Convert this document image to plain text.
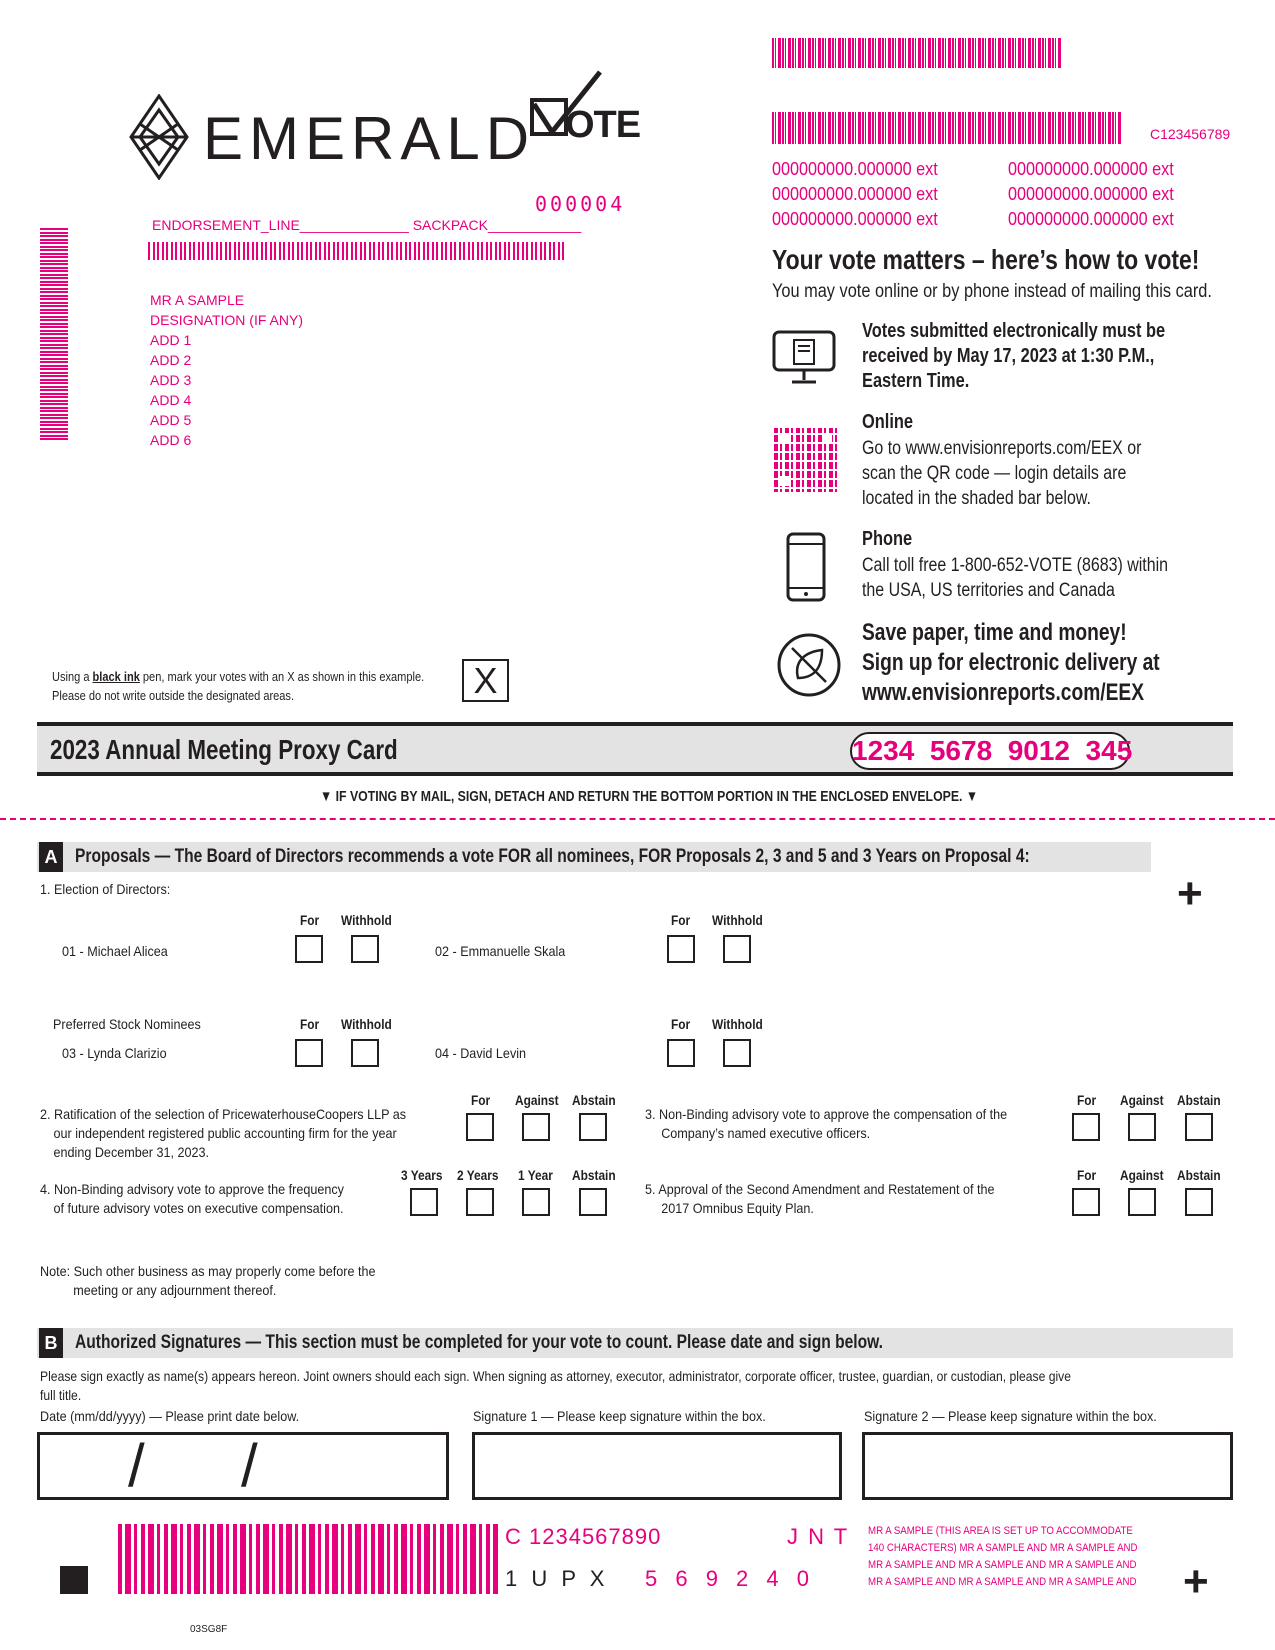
C123456789
000000000.000000 ext	000000000.000000 ext
000000000.000000 ext	000000000.000000 ext
000000000.000000 ext	000000000.000000 ext
EMERALD OTE
000004
ENDORSEMENT_LINE______________ SACKPACK____________
MR A SAMPLE
DESIGNATION (IF ANY)
ADD 1
ADD 2
ADD 3
ADD 4
ADD 5
ADD 6
Your vote matters – here’s how to vote!
You may vote online or by phone instead of mailing this card.
Votes submitted electronically must be
received by May 17, 2023 at 1:30 P.M.,
Eastern Time.
Online
Go to www.envisionreports.com/EEX or
scan the QR code — login details are
located in the shaded bar below.
Phone
Call toll free 1-800-652-VOTE (8683) within
the USA, US territories and Canada
Save paper, time and money!
Sign up for electronic delivery at
www.envisionreports.com/EEX
Using a black ink pen, mark your votes with an X as shown in this example.
Please do not write outside the designated areas.	X
2023 Annual Meeting Proxy Card	1234  5678  9012  345
▼ IF VOTING BY MAIL, SIGN, DETACH AND RETURN THE BOTTOM PORTION IN THE ENCLOSED ENVELOPE. ▼
A Proposals — The Board of Directors recommends a vote FOR all nominees, FOR Proposals 2, 3 and 5 and 3 Years on Proposal 4:
+
1. Election of Directors:
For Withhold	For Withhold
01 - Michael Alicea	02 - Emmanuelle Skala
Preferred Stock Nominees	For Withhold	For Withhold
03 - Lynda Clarizio	04 - David Levin
For Against Abstain
2. Ratification of the selection of PricewaterhouseCoopers LLP as
our independent registered public accounting firm for the year
ending December 31, 2023.
For Against Abstain
3. Non-Binding advisory vote to approve the compensation of the
Company’s named executive officers.
3 Years 2 Years 1 Year Abstain
4. Non-Binding advisory vote to approve the frequency
of future advisory votes on executive compensation.
For Against Abstain
5. Approval of the Second Amendment and Restatement of the
2017 Omnibus Equity Plan.
Note: Such other business as may properly come before the
meeting or any adjournment thereof.
B Authorized Signatures — This section must be completed for your vote to count. Please date and sign below.
Please sign exactly as name(s) appears hereon. Joint owners should each sign. When signing as attorney, executor, administrator, corporate officer, trustee, guardian, or custodian, please give
full title.
Date (mm/dd/yyyy) — Please print date below.	Signature 1 — Please keep signature within the box.	Signature 2 — Please keep signature within the box.
/ /
C 1234567890	J N T
1 U P X 5 6 9 2 4 0
MR A SAMPLE (THIS AREA IS SET UP TO ACCOMMODATE
140 CHARACTERS) MR A SAMPLE AND MR A SAMPLE AND
MR A SAMPLE AND MR A SAMPLE AND MR A SAMPLE AND
MR A SAMPLE AND MR A SAMPLE AND MR A SAMPLE AND +
03SG8F
